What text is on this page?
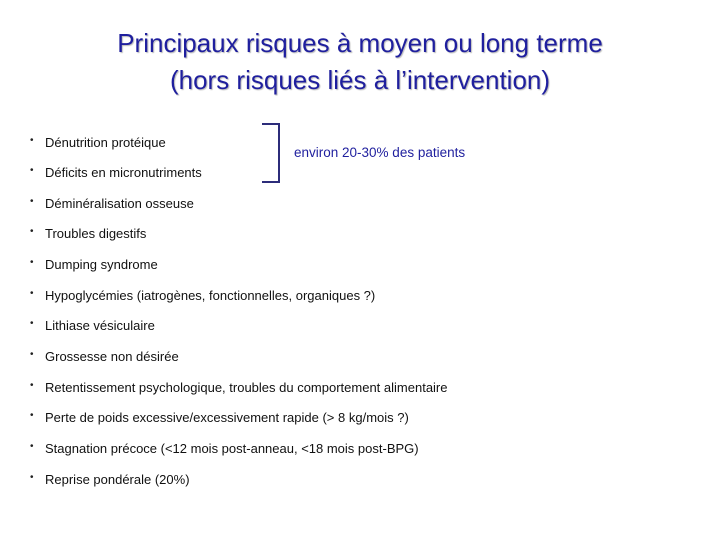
Principaux risques à moyen ou long terme
(hors risques liés à l’intervention)
• Dénutrition protéique
• Déficits en micronutriments
• Déminéralisation osseuse
• Troubles digestifs
• Dumping syndrome
• Hypoglycémies (iatrogènes, fonctionnelles, organiques ?)
• Lithiase vésiculaire
• Grossesse non désirée
• Retentissement psychologique, troubles du comportement alimentaire
• Perte de poids excessive/excessivement rapide (> 8 kg/mois ?)
• Stagnation précoce (<12 mois post-anneau, <18 mois post-BPG)
• Reprise pondérale (20%)
environ 20-30% des patients
